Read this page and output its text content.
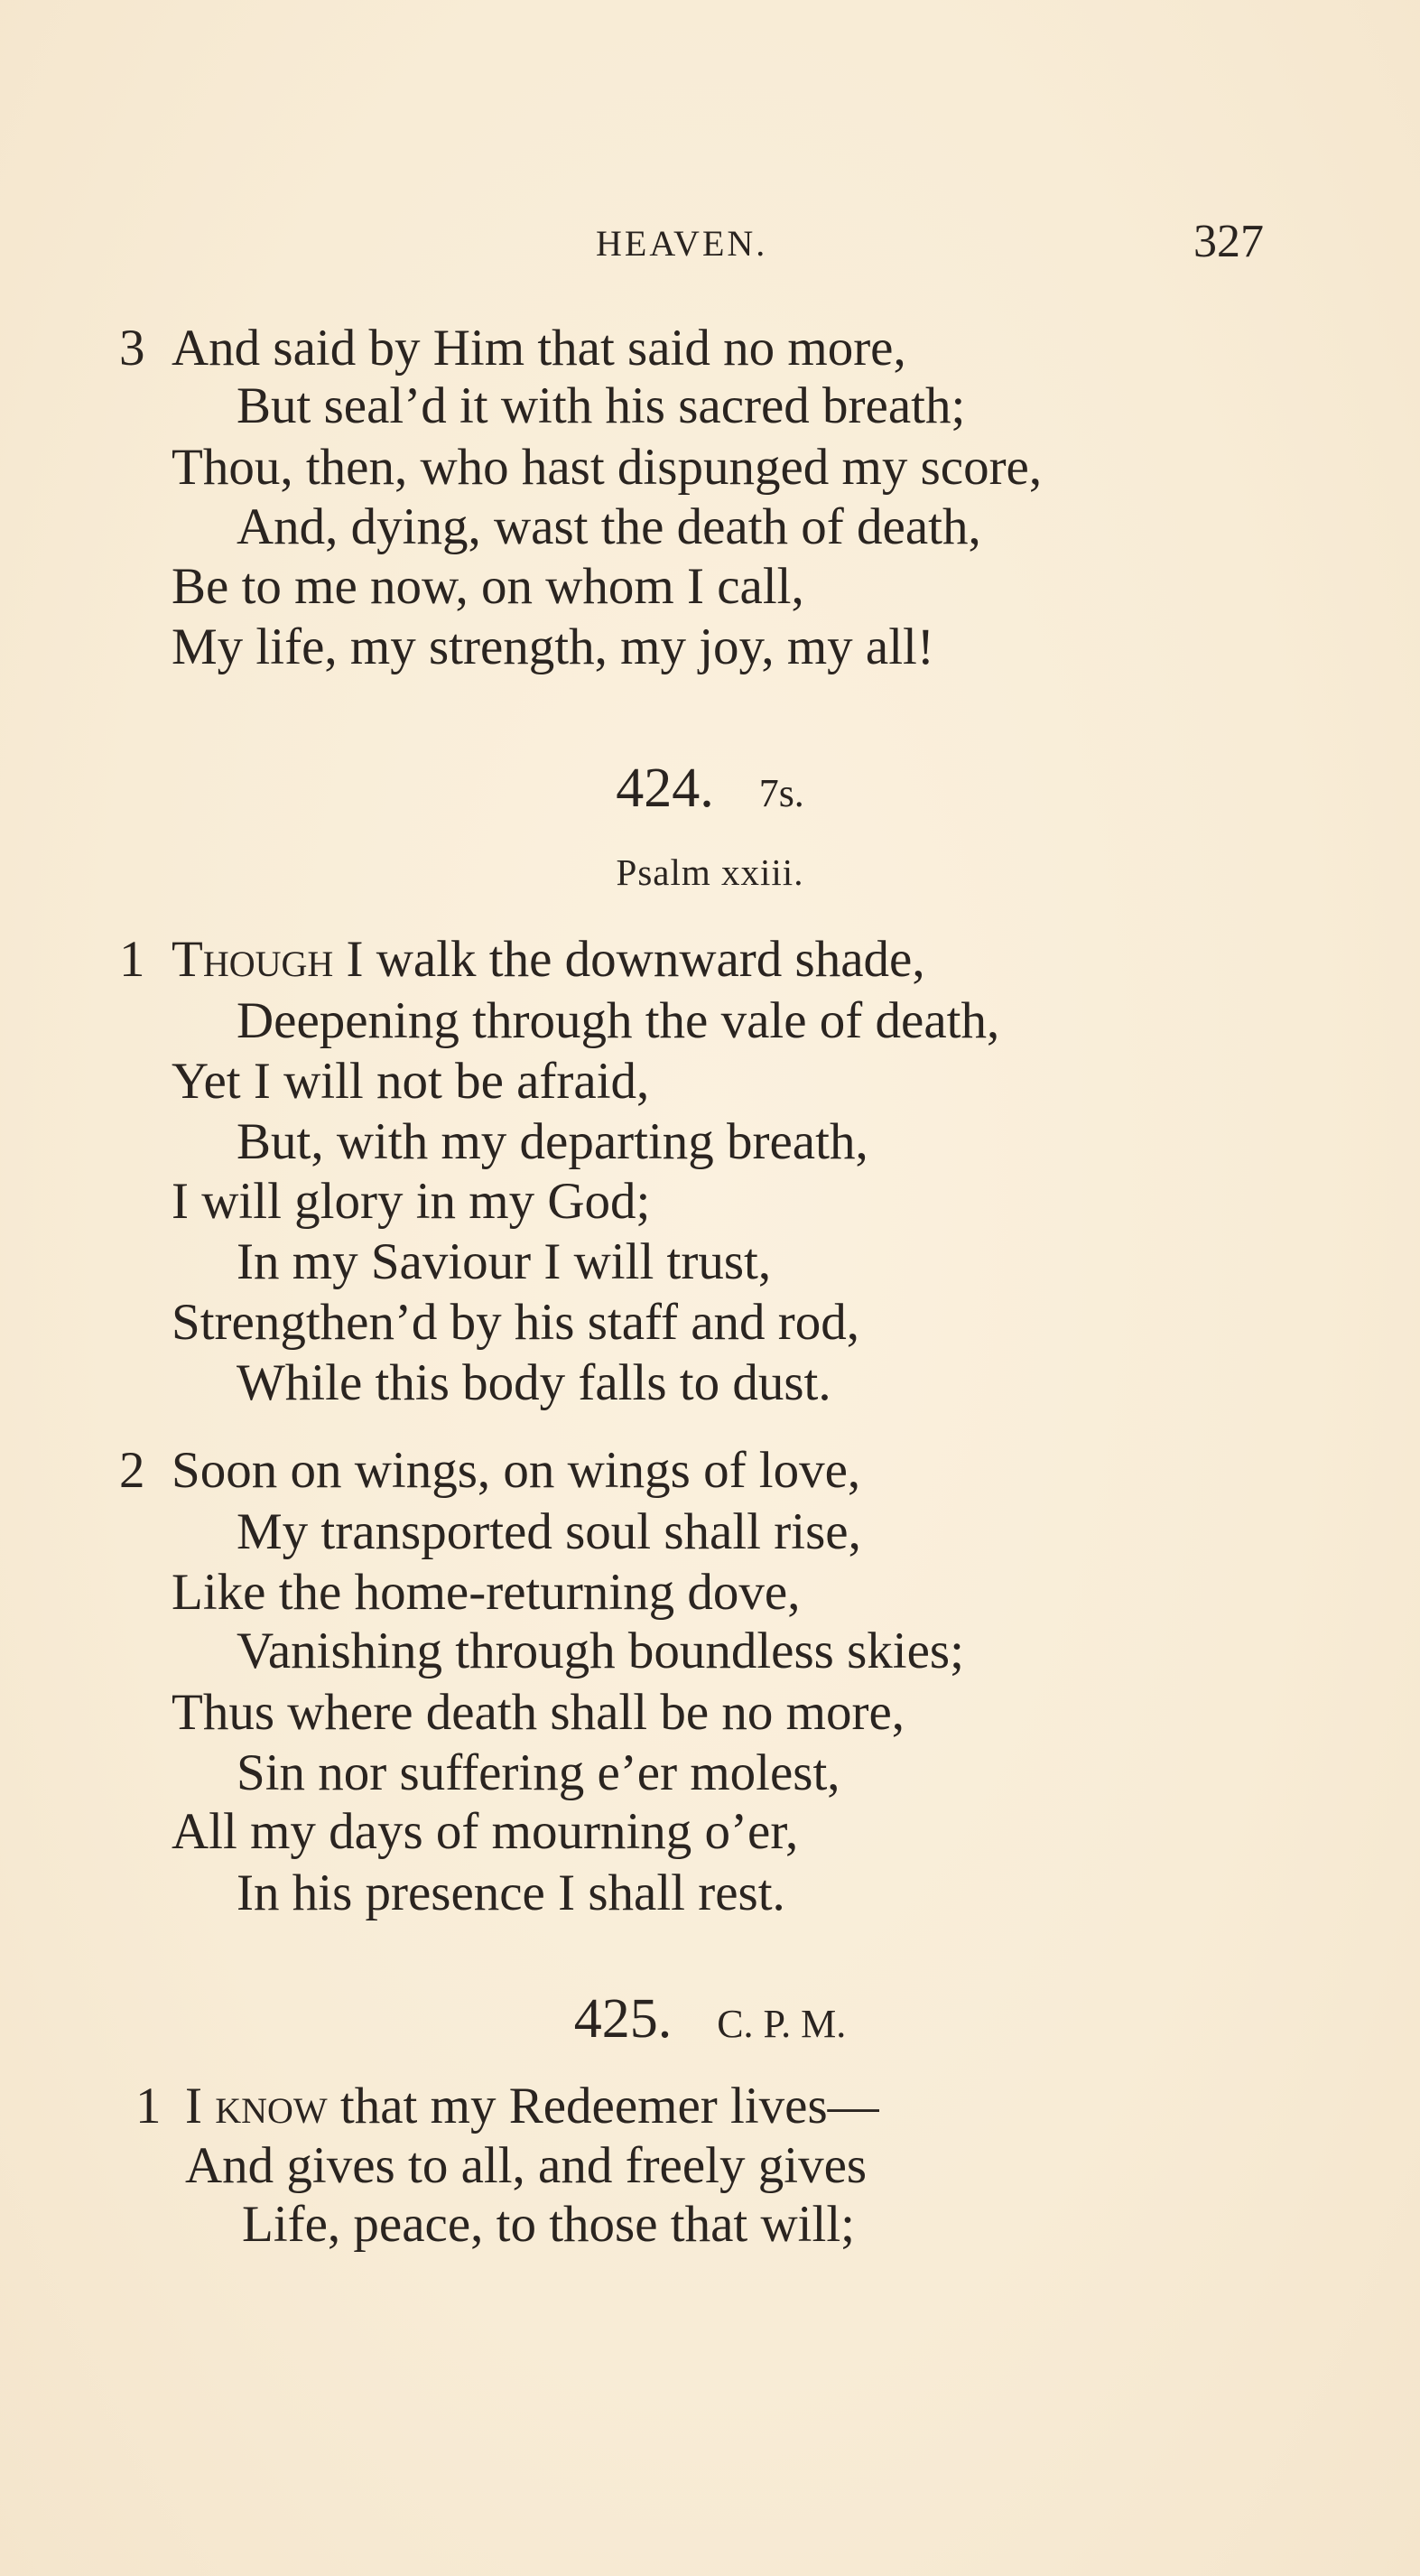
HEAVEN.	327
3 And said by Him that said no more,
But seal’d it with his sacred breath;
Thou, then, who hast dispunged my score,
And, dying, wast the death of death,
Be to me now, on whom I call,
My life, my strength, my joy, my all!
424. 7s.
Psalm xxiii.
1 Though I walk the downward shade,
Deepening through the vale of death,
Yet I will not be afraid,
But, with my departing breath,
I will glory in my God;
In my Saviour I will trust,
Strengthen’d by his staff and rod,
While this body falls to dust.
2 Soon on wings, on wings of love,
My transported soul shall rise,
Like the home-returning dove,
Vanishing through boundless skies;
Thus where death shall be no more,
Sin nor suffering e’er molest,
All my days of mourning o’er,
In his presence I shall rest.
425. C. P. M.
1 I know that my Redeemer lives—
And gives to all, and freely gives
Life, peace, to those that will;
